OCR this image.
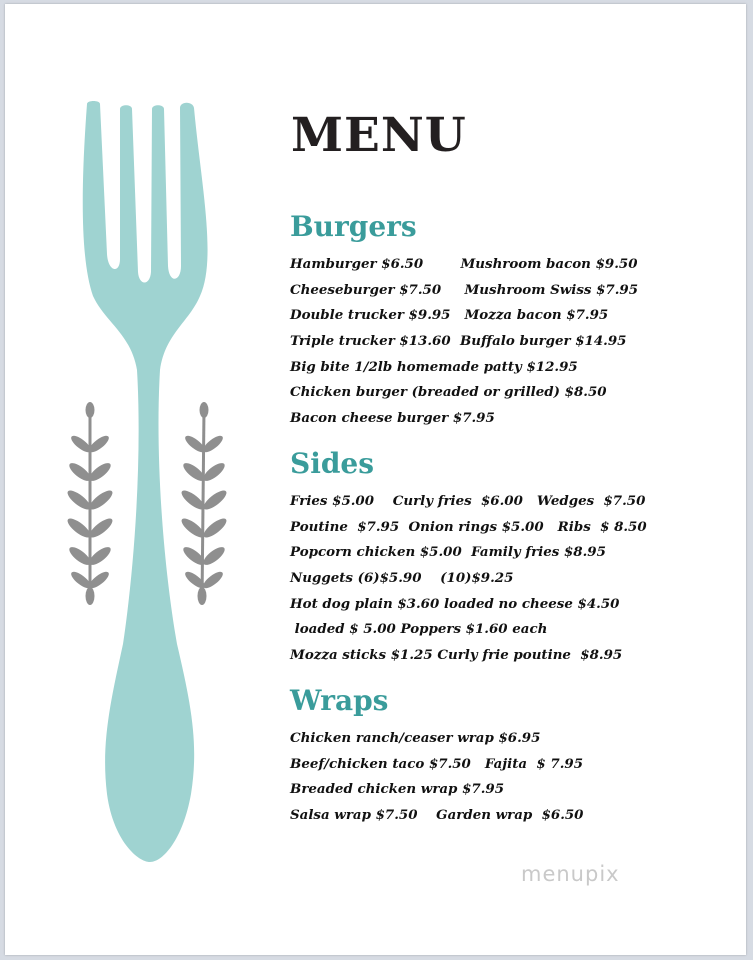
MENU
Burgers
Hamburger $6.50        Mushroom bacon $9.50
Cheeseburger $7.50     Mushroom Swiss $7.95
Double trucker $9.95   Mozza bacon $7.95
Triple trucker $13.60  Buffalo burger $14.95
Big bite 1/2lb homemade patty $12.95
Chicken burger (breaded or grilled) $8.50
Bacon cheese burger $7.95
Sides
Fries $5.00    Curly fries  $6.00   Wedges  $7.50
Poutine  $7.95  Onion rings $5.00   Ribs  $ 8.50
Popcorn chicken $5.00  Family fries $8.95
Nuggets (6)$5.90    (10)$9.25
Hot dog plain $3.60 loaded no cheese $4.50
loaded $ 5.00 Poppers $1.60 each
Mozza sticks $1.25 Curly frie poutine  $8.95
Wraps
Chicken ranch/ceaser wrap $6.95
Beef/chicken taco $7.50   Fajita  $ 7.95
Breaded chicken wrap $7.95
Salsa wrap $7.50    Garden wrap  $6.50
menupix
